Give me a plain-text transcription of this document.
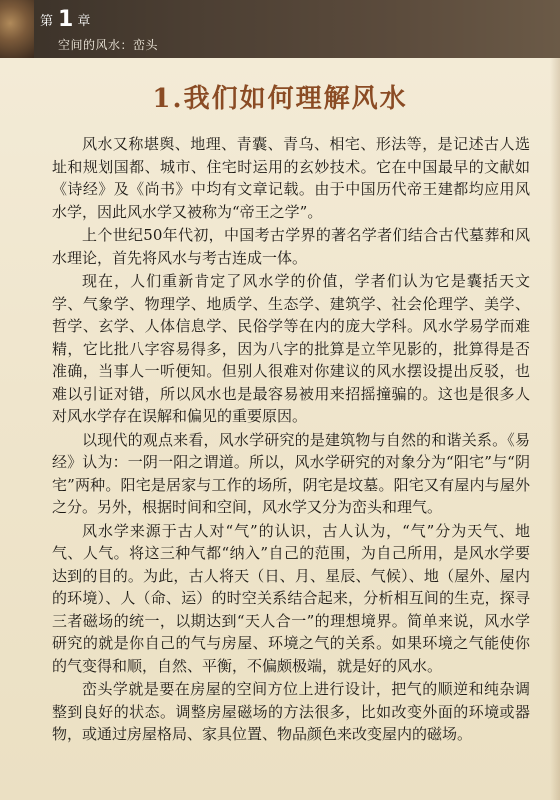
第 1 章
空间的风水：峦头
1.我们如何理解风水

风水又称堪舆、地理、青囊、青乌、相宅、形法等，是记述古人选址和规划国都、城市、住宅时运用的玄妙技术。它在中国最早的文献如《诗经》及《尚书》中均有文章记载。由于中国历代帝王建都均应用风水学，因此风水学又被称为“帝王之学”。

上个世纪50年代初，中国考古学界的著名学者们结合古代墓葬和风水理论，首先将风水与考古连成一体。

现在，人们重新肯定了风水学的价值，学者们认为它是囊括天文学、气象学、物理学、地质学、生态学、建筑学、社会伦理学、美学、哲学、玄学、人体信息学、民俗学等在内的庞大学科。风水学易学而难精，它比批八字容易得多，因为八字的批算是立竿见影的，批算得是否准确，当事人一听便知。但别人很难对你建议的风水摆设提出反驳，也难以引证对错，所以风水也是最容易被用来招摇撞骗的。这也是很多人对风水学存在误解和偏见的重要原因。

以现代的观点来看，风水学研究的是建筑物与自然的和谐关系。《易经》认为：一阴一阳之谓道。所以，风水学研究的对象分为“阳宅”与“阴宅”两种。阳宅是居家与工作的场所，阴宅是坟墓。阳宅又有屋内与屋外之分。另外，根据时间和空间，风水学又分为峦头和理气。

风水学来源于古人对“气”的认识，古人认为，“气”分为天气、地气、人气。将这三种气都“纳入”自己的范围，为自己所用，是风水学要达到的目的。为此，古人将天（日、月、星辰、气候）、地（屋外、屋内的环境）、人（命、运）的时空关系结合起来，分析相互间的生克，探寻三者磁场的统一，以期达到“天人合一”的理想境界。简单来说，风水学研究的就是你自己的气与房屋、环境之气的关系。如果环境之气能使你的气变得和顺，自然、平衡，不偏颇极端，就是好的风水。

峦头学就是要在房屋的空间方位上进行设计，把气的顺逆和纯杂调整到良好的状态。调整房屋磁场的方法很多，比如改变外面的环境或器物，或通过房屋格局、家具位置、物品颜色来改变屋内的磁场。
